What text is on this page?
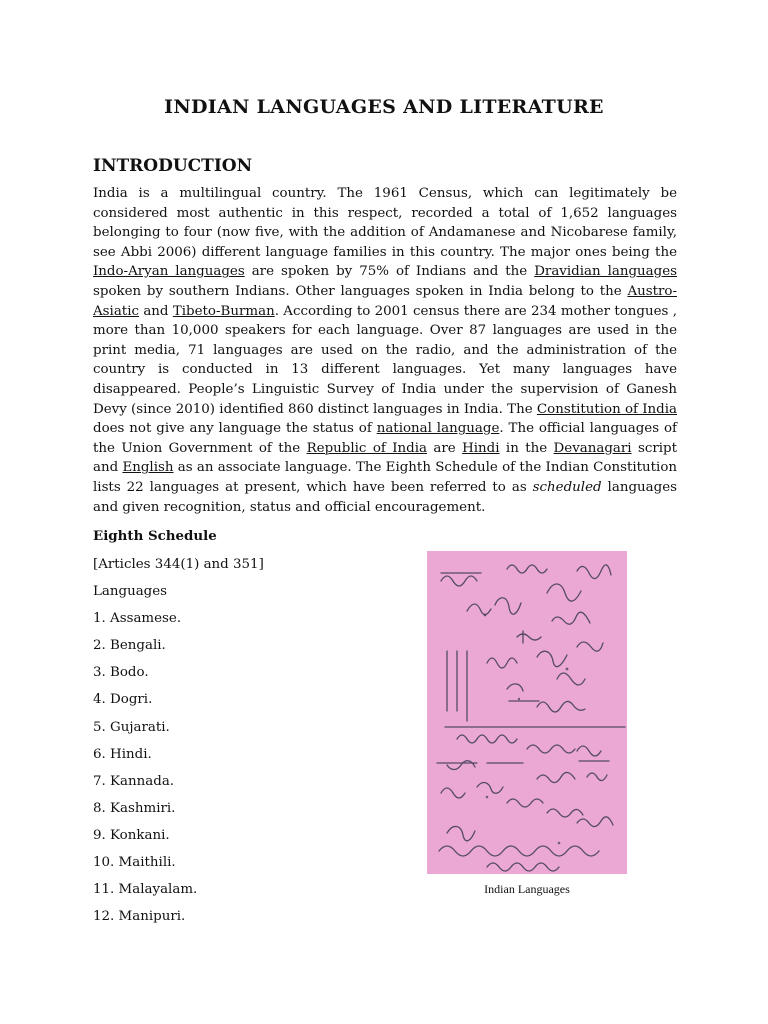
INDIAN LANGUAGES AND LITERATURE
INTRODUCTION
India is a multilingual country. The 1961 Census, which can legitimately be considered most authentic in this respect, recorded a total of 1,652 languages belonging to four (now five, with the addition of Andamanese and Nicobarese family, see Abbi 2006) different language families in this country. The major ones being the Indo-Aryan languages are spoken by 75% of Indians and the Dravidian languages spoken by southern Indians. Other languages spoken in India belong to the Austro-Asiatic and Tibeto-Burman. According to 2001 census there are 234 mother tongues , more than 10,000 speakers for each language. Over 87 languages are used in the print media, 71 languages are used on the radio, and the administration of the country is conducted in 13 different languages. Yet many languages have disappeared. People’s Linguistic Survey of India under the supervision of Ganesh Devy (since 2010) identified 860 distinct languages in India. The Constitution of India does not give any language the status of national language. The official languages of the Union Government of the Republic of India are Hindi in the Devanagari script and English as an associate language. The Eighth Schedule of the Indian Constitution lists 22 languages at present, which have been referred to as scheduled languages and given recognition, status and official encouragement.
Eighth Schedule
[Articles 344(1) and 351]
Languages
1. Assamese.
2. Bengali.
3. Bodo.
4. Dogri.
5. Gujarati.
6. Hindi.
7. Kannada.
8. Kashmiri.
9. Konkani.
10. Maithili.
11. Malayalam.
12. Manipuri.
Indian Languages
